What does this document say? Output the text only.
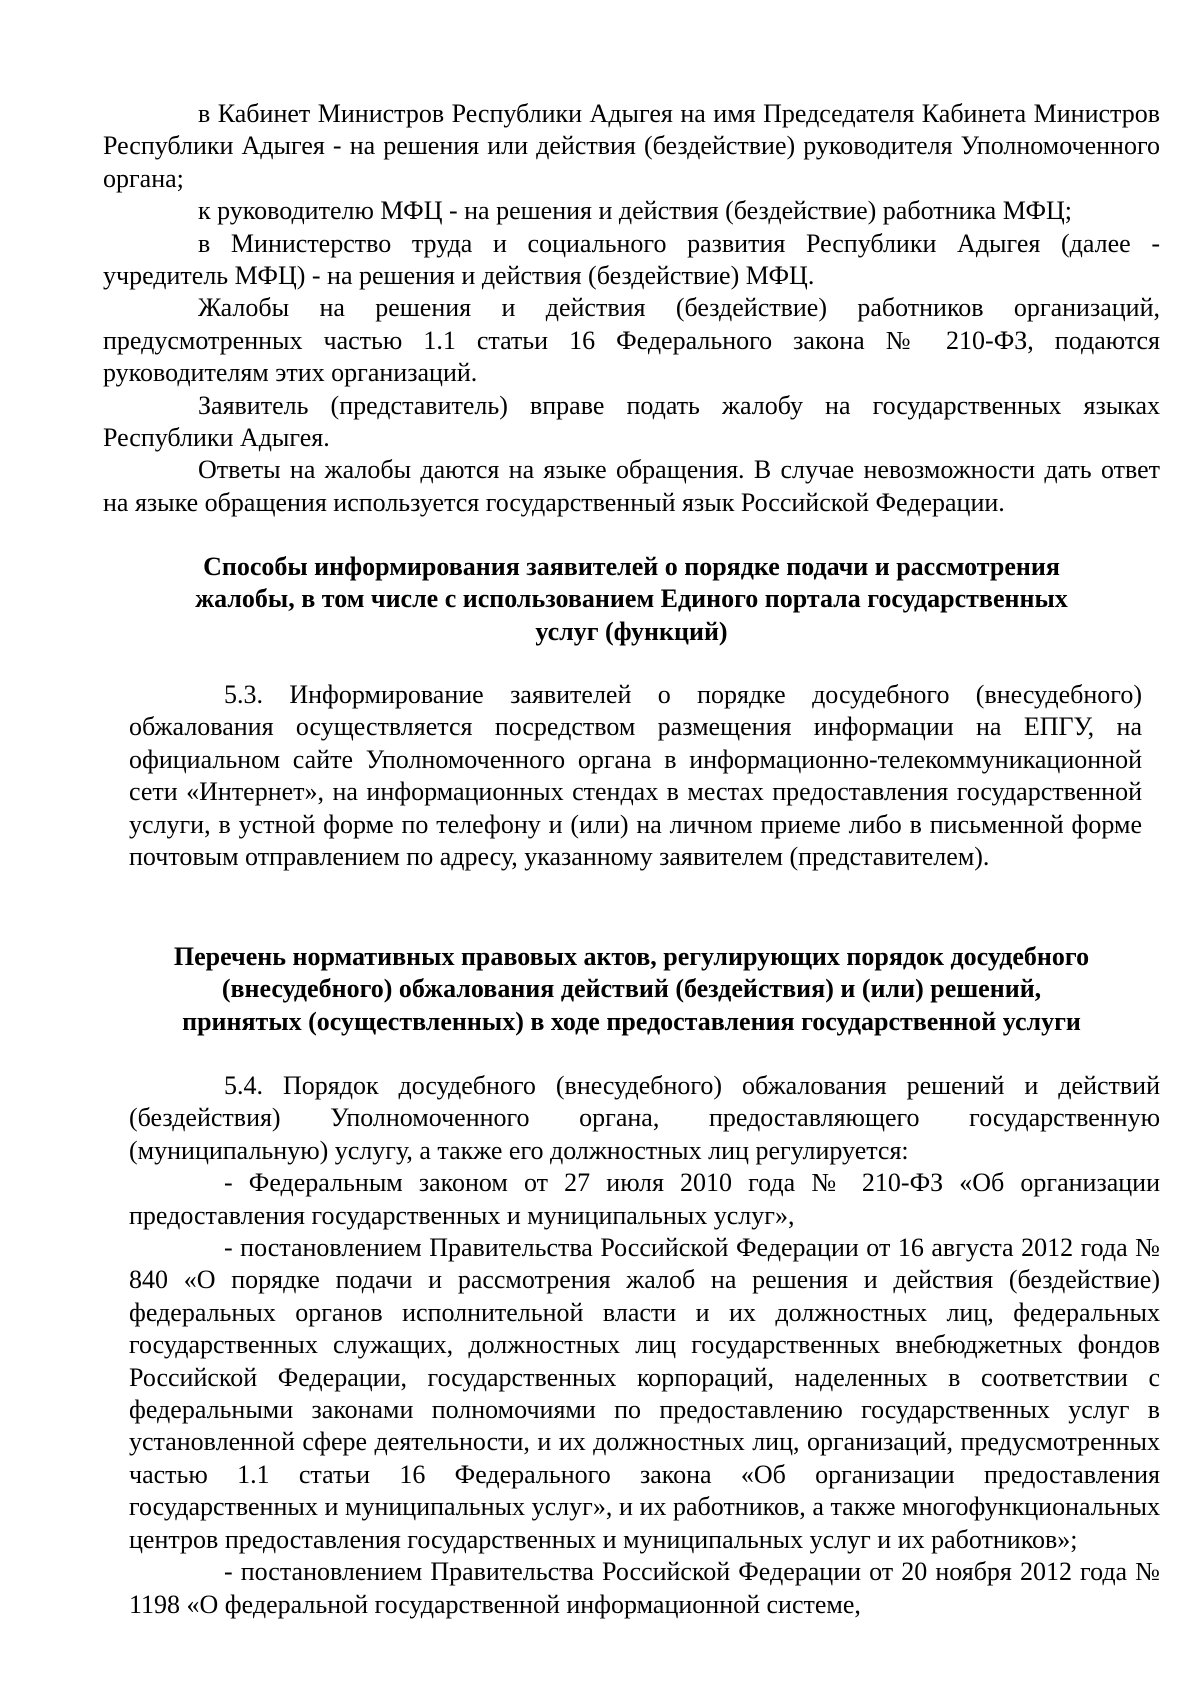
в Кабинет Министров Республики Адыгея на имя Председателя Кабинета Министров Республики Адыгея - на решения или действия (бездействие) руководителя Уполномоченного органа;

к руководителю МФЦ - на решения и действия (бездействие) работника МФЦ;

в Министерство труда и социального развития Республики Адыгея (далее - учредитель МФЦ) - на решения и действия (бездействие) МФЦ.

Жалобы на решения и действия (бездействие) работников организаций, предусмотренных частью 1.1 статьи 16 Федерального закона № 210-ФЗ, подаются руководителям этих организаций.

Заявитель (представитель) вправе подать жалобу на государственных языках Республики Адыгея.

Ответы на жалобы даются на языке обращения. В случае невозможности дать ответ на языке обращения используется государственный язык Российской Федерации.

Способы информирования заявителей о порядке подачи и рассмотрения
жалобы, в том числе с использованием Единого портала государственных
услуг (функций)

5.3. Информирование заявителей о порядке досудебного (внесудебного) обжалования осуществляется посредством размещения информации на ЕПГУ, на официальном сайте Уполномоченного органа в информационно-телекоммуникационной сети «Интернет», на информационных стендах в местах предоставления государственной услуги, в устной форме по телефону и (или) на личном приеме либо в письменной форме почтовым отправлением по адресу, указанному заявителем (представителем).

Перечень нормативных правовых актов, регулирующих порядок досудебного
(внесудебного) обжалования действий (бездействия) и (или) решений,
принятых (осуществленных) в ходе предоставления государственной услуги

5.4. Порядок досудебного (внесудебного) обжалования решений и действий (бездействия) Уполномоченного органа, предоставляющего государственную (муниципальную) услугу, а также его должностных лиц регулируется:

- Федеральным законом от 27 июля 2010 года № 210-ФЗ «Об организации предоставления государственных и муниципальных услуг»,

- постановлением Правительства Российской Федерации от 16 августа 2012 года № 840 «О порядке подачи и рассмотрения жалоб на решения и действия (бездействие) федеральных органов исполнительной власти и их должностных лиц, федеральных государственных служащих, должностных лиц государственных внебюджетных фондов Российской Федерации, государственных корпораций, наделенных в соответствии с федеральными законами полномочиями по предоставлению государственных услуг в установленной сфере деятельности, и их должностных лиц, организаций, предусмотренных частью 1.1 статьи 16 Федерального закона «Об организации предоставления государственных и муниципальных услуг», и их работников, а также многофункциональных центров предоставления государственных и муниципальных услуг и их работников»;

- постановлением Правительства Российской Федерации от 20 ноября 2012 года № 1198 «О федеральной государственной информационной системе,
